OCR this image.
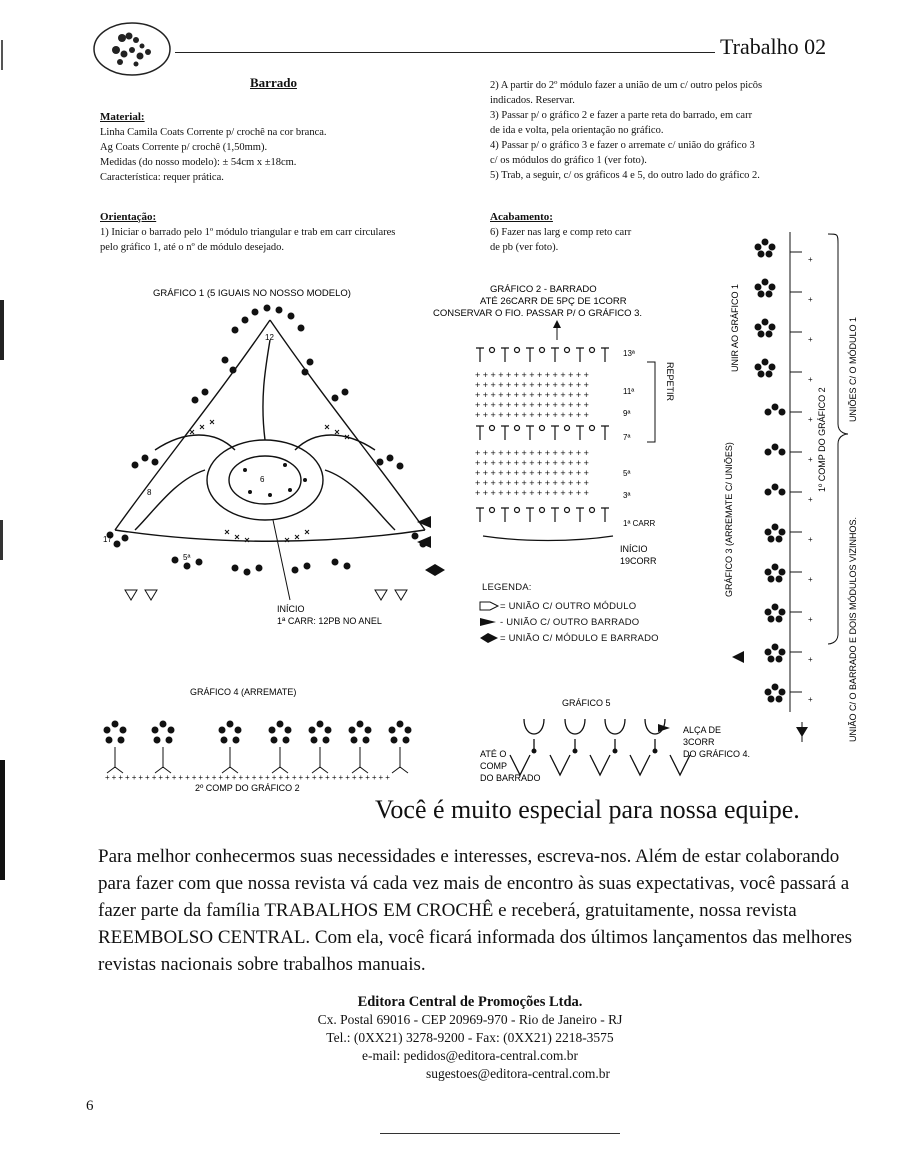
Trabalho 02
Barrado
Material:
Linha Camila Coats Corrente p/ crochê na cor branca.
Ag Coats Corrente p/ crochê (1,50mm).
Medidas (do nosso modelo): ± 54cm x ±18cm.
Característica: requer prática.
Orientação:
1) Iniciar o barrado pelo 1º módulo triangular e trab em carr circulares
pelo gráfico 1, até o nº de módulo desejado.
2) A partir do 2º módulo fazer a união de um c/ outro pelos picôs
indicados. Reservar.
3) Passar p/ o gráfico 2 e fazer a parte reta do barrado, em carr
de ida e volta, pela orientação no gráfico.
4) Passar p/ o gráfico 3 e fazer o arremate c/ união do gráfico 3
c/ os módulos do gráfico 1 (ver foto).
5) Trab, a seguir, c/ os gráficos 4 e 5, do outro lado do gráfico 2.
Acabamento:
6) Fazer nas larg e comp reto carr
de pb (ver foto).
GRÁFICO 1 (5 IGUAIS NO NOSSO MODELO)
12
8
6
17
5ª
INÍCIO
1ª CARR: 12PB NO ANEL
GRÁFICO 2 - BARRADO
ATÉ 26CARR DE 5PÇ DE 1CORR
CONSERVAR O FIO. PASSAR P/ O GRÁFICO 3.
+++++++++++++++
+++++++++++++++
+++++++++++++++
+++++++++++++++
+++++++++++++++
+++++++++++++++
+++++++++++++++
+++++++++++++++
+++++++++++++++
+++++++++++++++
13ª
11ª
9ª
7ª
5ª
3ª
1ª CARR
REPETIR
INÍCIO
19CORR
LEGENDA:
= UNIÃO C/ OUTRO MÓDULO
- UNIÃO C/ OUTRO BARRADO
= UNIÃO C/ MÓDULO E BARRADO
+
+
+
+
+
+
+
+
+
+
+
+
UNIR AO GRÁFICO 1	UNIÕES C/ O MÓDULO 1
1º COMP DO GRÁFICO 2
GRÁFICO 3 (ARREMATE C/ UNIÕES)	UNIÃO C/ O BARRADO E DOIS MÓDULOS VIZINHOS.
GRÁFICO 4 (ARREMATE)
+++++++++++++++++++++++++++++++++++++++++++
2º COMP DO GRÁFICO 2
GRÁFICO 5
ATÉ O
COMP
DO BARRADO
ALÇA DE
3CORR
DO GRÁFICO 4.
Você é muito especial para nossa equipe.
Para melhor conhecermos suas necessidades e interesses, escreva-nos. Além de estar colaborando para fazer com que nossa revista vá cada vez mais de encontro às suas expectativas, você passará a fazer parte da família TRABALHOS EM CROCHÊ e receberá, gratuitamente, nossa revista REEMBOLSO CENTRAL. Com ela, você ficará informada dos últimos lançamentos das melhores revistas nacionais sobre trabalhos manuais.
Editora Central de Promoções Ltda.
Cx. Postal 69016 - CEP 20969-970 - Rio de Janeiro - RJ
Tel.: (0XX21) 3278-9200 - Fax: (0XX21) 2218-3575
e-mail: pedidos@editora-central.com.br
sugestoes@editora-central.com.br
6
